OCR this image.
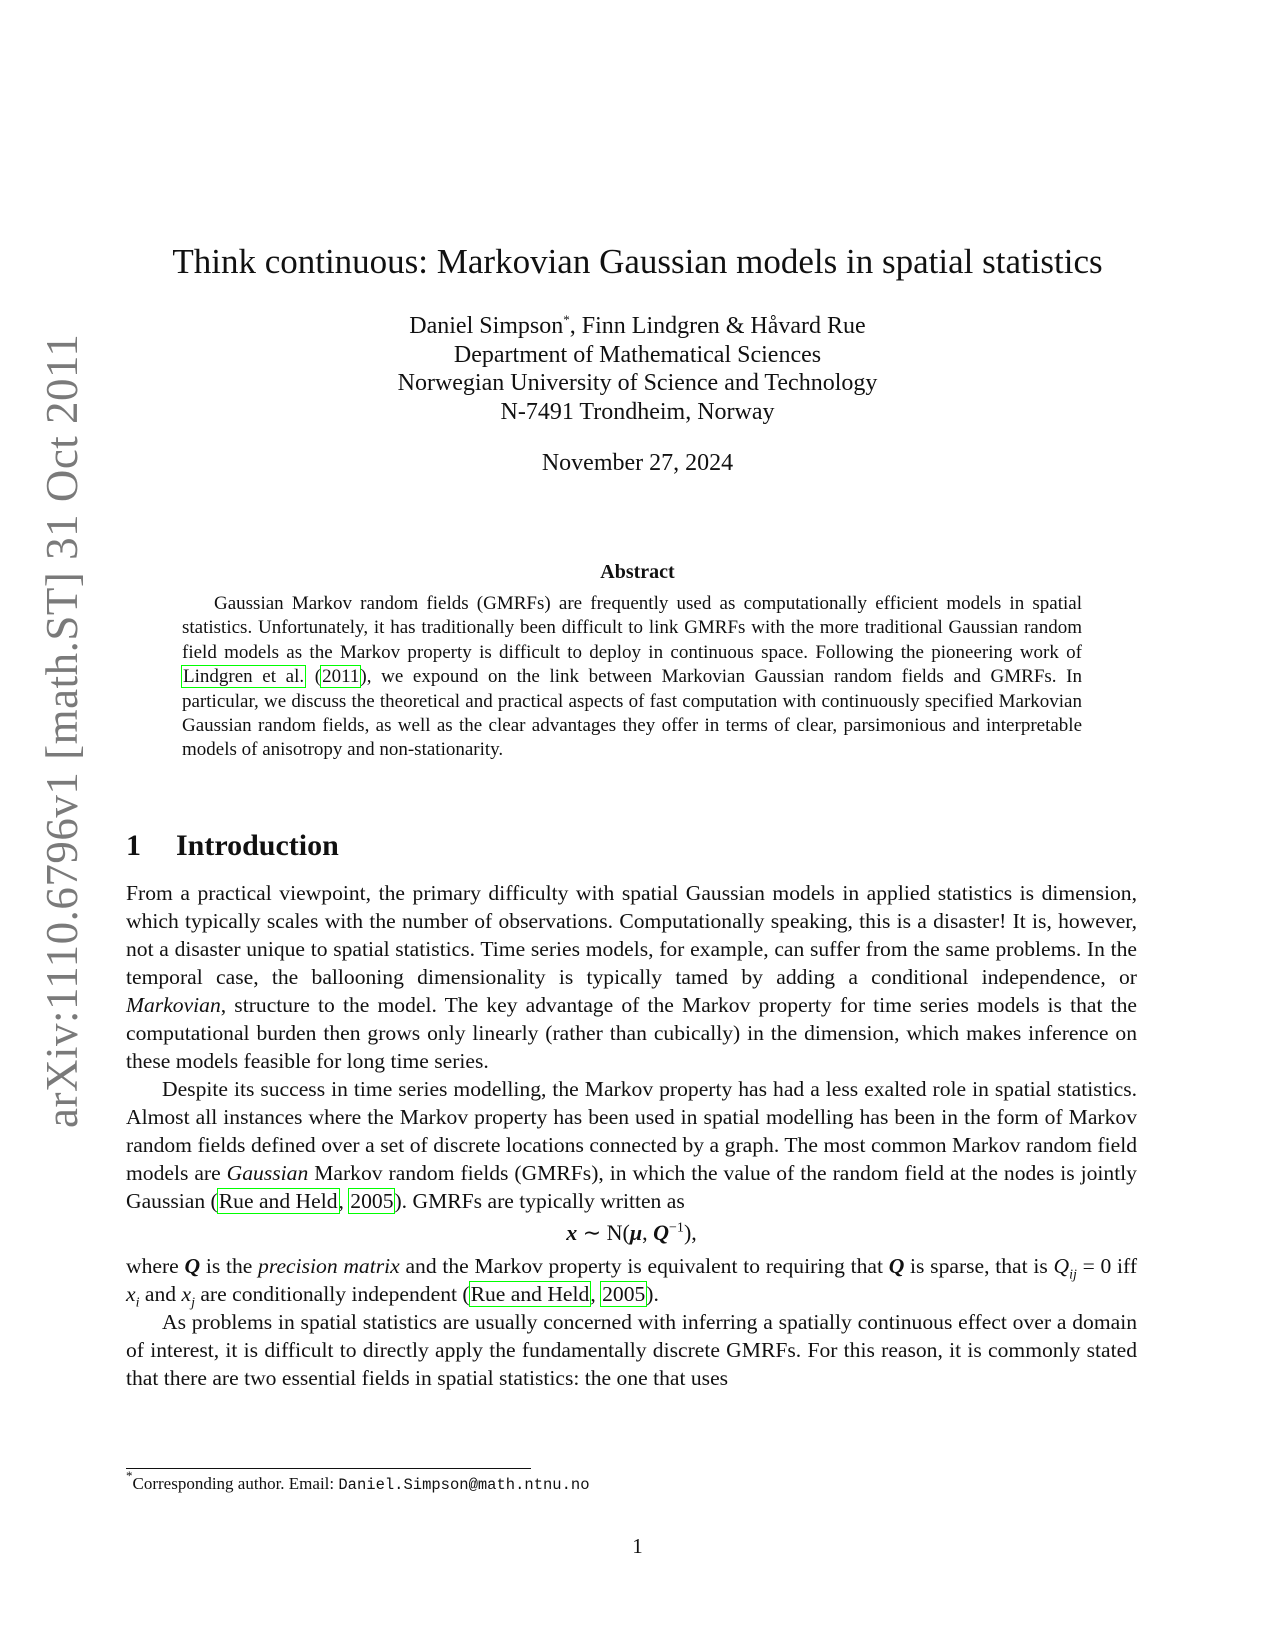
arXiv:1110.6796v1 [math.ST] 31 Oct 2011
Think continuous: Markovian Gaussian models in spatial statistics
Daniel Simpson*, Finn Lindgren & Håvard Rue
Department of Mathematical Sciences
Norwegian University of Science and Technology
N-7491 Trondheim, Norway
November 27, 2024
Abstract
Gaussian Markov random fields (GMRFs) are frequently used as computationally efficient models in spatial statistics. Unfortunately, it has traditionally been difficult to link GMRFs with the more traditional Gaussian random field models as the Markov property is difficult to deploy in continuous space. Following the pioneering work of Lindgren et al. (2011), we expound on the link between Markovian Gaussian random fields and GMRFs. In particular, we discuss the theoretical and practical aspects of fast computation with continuously specified Markovian Gaussian random fields, as well as the clear advantages they offer in terms of clear, parsimonious and interpretable models of anisotropy and non-stationarity.
1 Introduction

From a practical viewpoint, the primary difficulty with spatial Gaussian models in applied statistics is dimension, which typically scales with the number of observations. Computationally speaking, this is a disaster! It is, however, not a disaster unique to spatial statistics. Time series models, for example, can suffer from the same problems. In the temporal case, the ballooning dimensionality is typically tamed by adding a conditional independence, or Markovian, structure to the model. The key advantage of the Markov property for time series models is that the computational burden then grows only linearly (rather than cubically) in the dimension, which makes inference on these models feasible for long time series.

Despite its success in time series modelling, the Markov property has had a less exalted role in spatial statistics. Almost all instances where the Markov property has been used in spatial modelling has been in the form of Markov random fields defined over a set of discrete locations connected by a graph. The most common Markov random field models are Gaussian Markov random fields (GMRFs), in which the value of the random field at the nodes is jointly Gaussian (Rue and Held, 2005). GMRFs are typically written as

x ∼ N(μ, $Q^{-1}$),

where Q is the precision matrix and the Markov property is equivalent to requiring that Q is sparse, that is $Q_{ij} = 0$ iff $x_i$ and $x_j$ are conditionally independent (Rue and Held, 2005).

As problems in spatial statistics are usually concerned with inferring a spatially continuous effect over a domain of interest, it is difficult to directly apply the fundamentally discrete GMRFs. For this reason, it is commonly stated that there are two essential fields in spatial statistics: the one that uses

*Corresponding author. Email: Daniel.Simpson@math.ntnu.no
1
